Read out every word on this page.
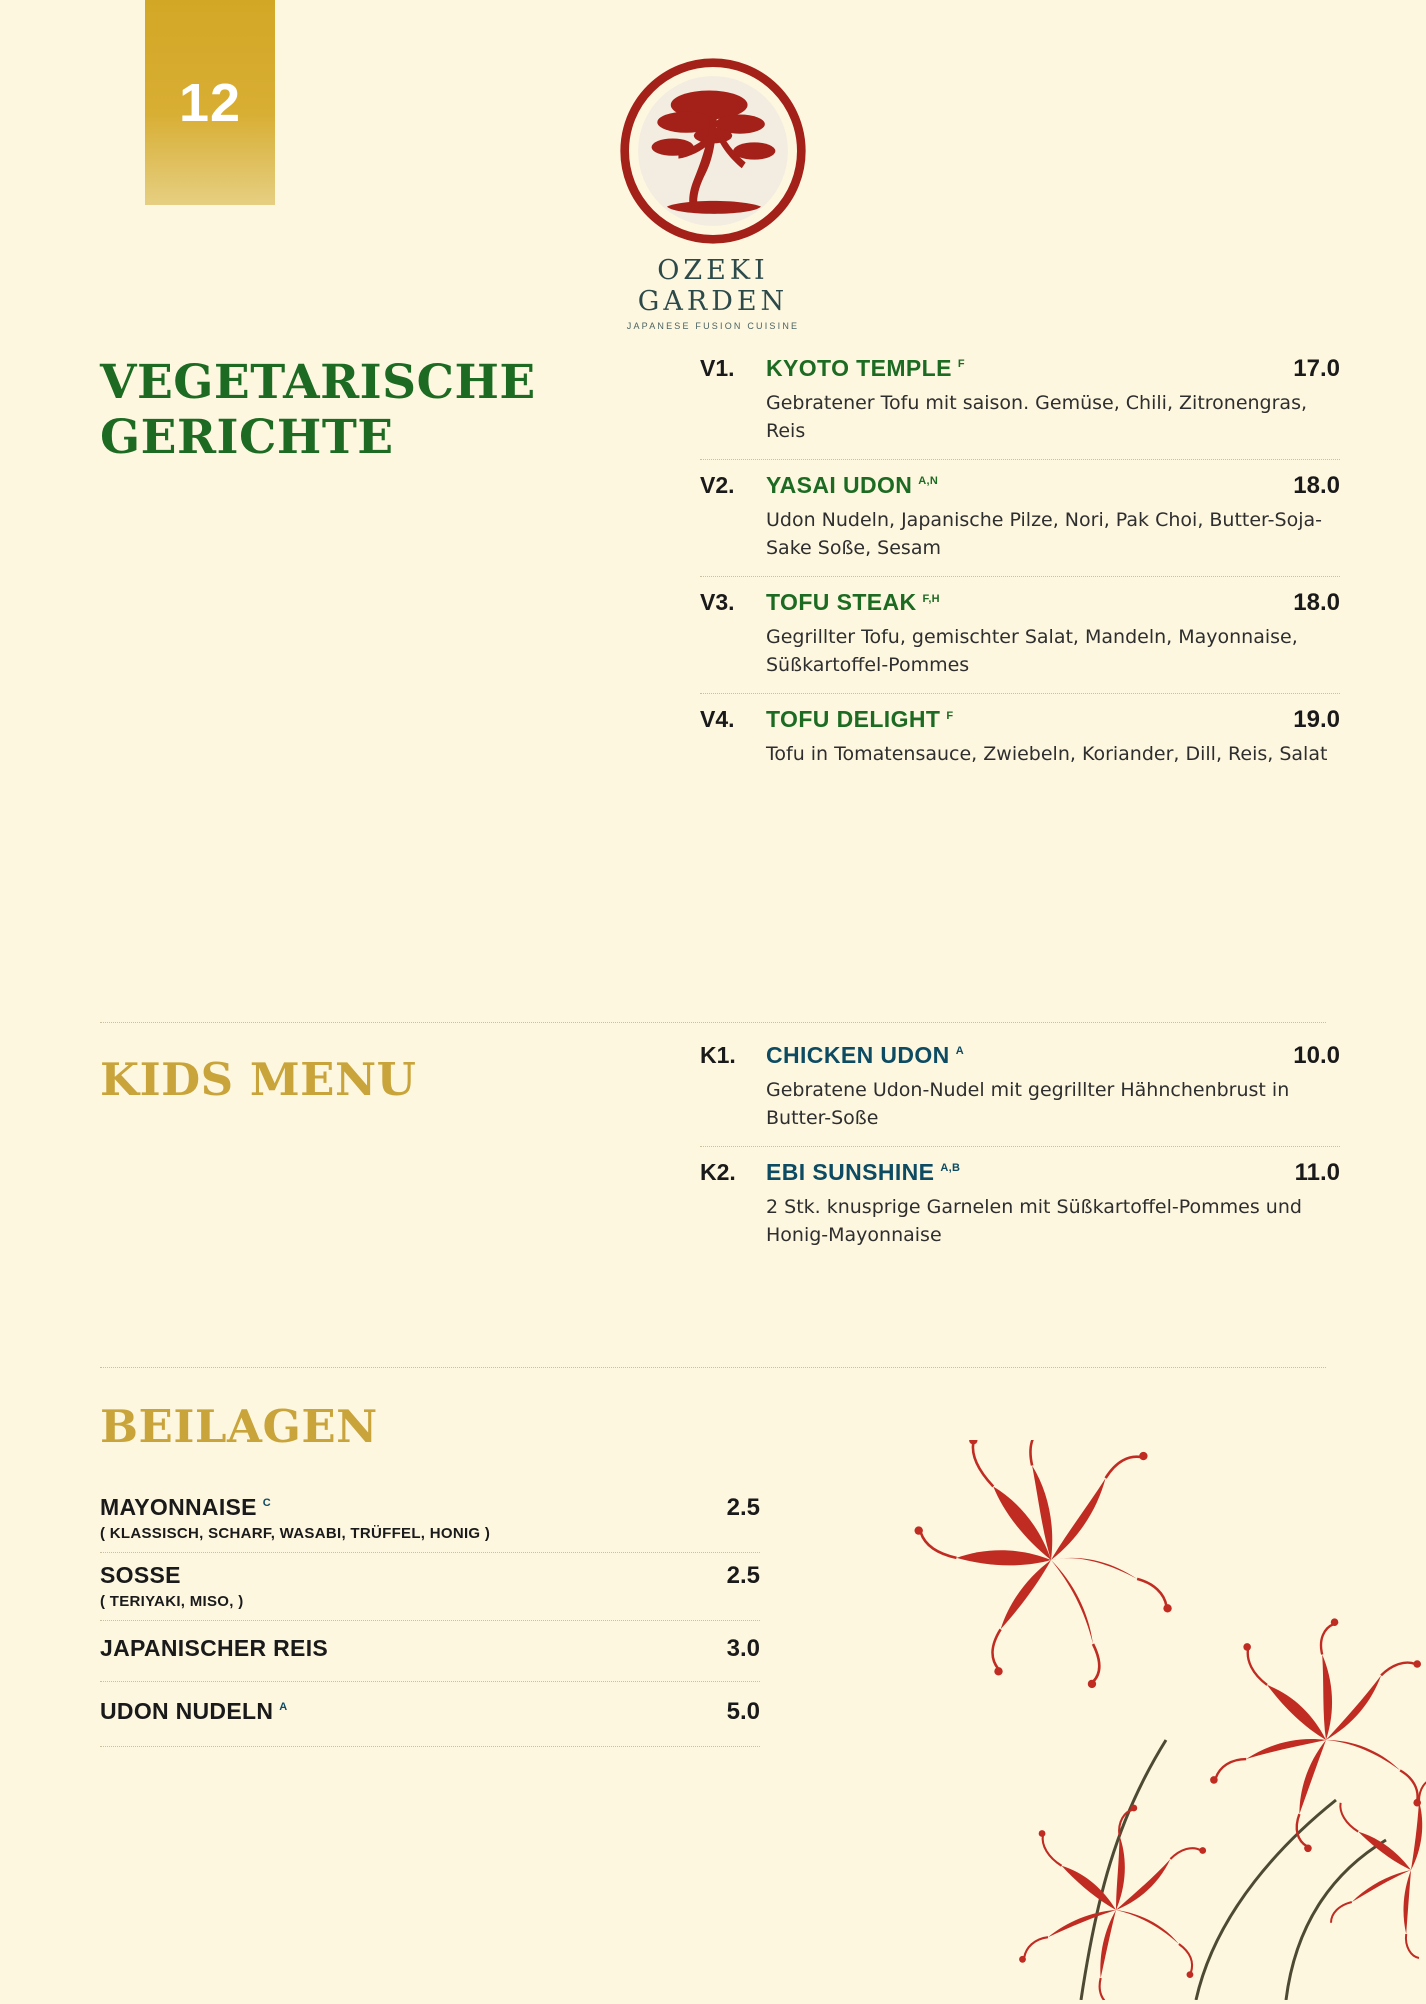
12
OZEKI GARDEN
JAPANESE FUSION CUISINE
VEGETARISCHE GERICHTE
KIDS MENU
BEILAGEN
V1.	KYOTO TEMPLE $^F$	17.0
Gebratener Tofu mit saison. Gemüse, Chili, Zitronengras, Reis
V2.	YASAI UDON $^{A,N}$	18.0
Udon Nudeln, Japanische Pilze, Nori, Pak Choi, Butter-Soja-Sake Soße, Sesam
V3.	TOFU STEAK $^{F,H}$	18.0
Gegrillter Tofu, gemischter Salat, Mandeln, Mayonnaise, Süßkartoffel-Pommes
V4.	TOFU DELIGHT $^F$	19.0
Tofu in Tomatensauce, Zwiebeln, Koriander, Dill, Reis, Salat
K1.	CHICKEN UDON $^A$	10.0
Gebratene Udon-Nudel mit gegrillter Hähnchenbrust in Butter-Soße
K2.	EBI SUNSHINE $^{A,B}$	11.0
2 Stk. knusprige Garnelen mit Süßkartoffel-Pommes und Honig-Mayonnaise
MAYONNAISE $^C$	2.5
( KLASSISCH, SCHARF, WASABI, TRÜFFEL, HONIG )
SOSSE	2.5
( TERIYAKI, MISO, )
JAPANISCHER REIS	3.0
UDON NUDELN $^A$	5.0
